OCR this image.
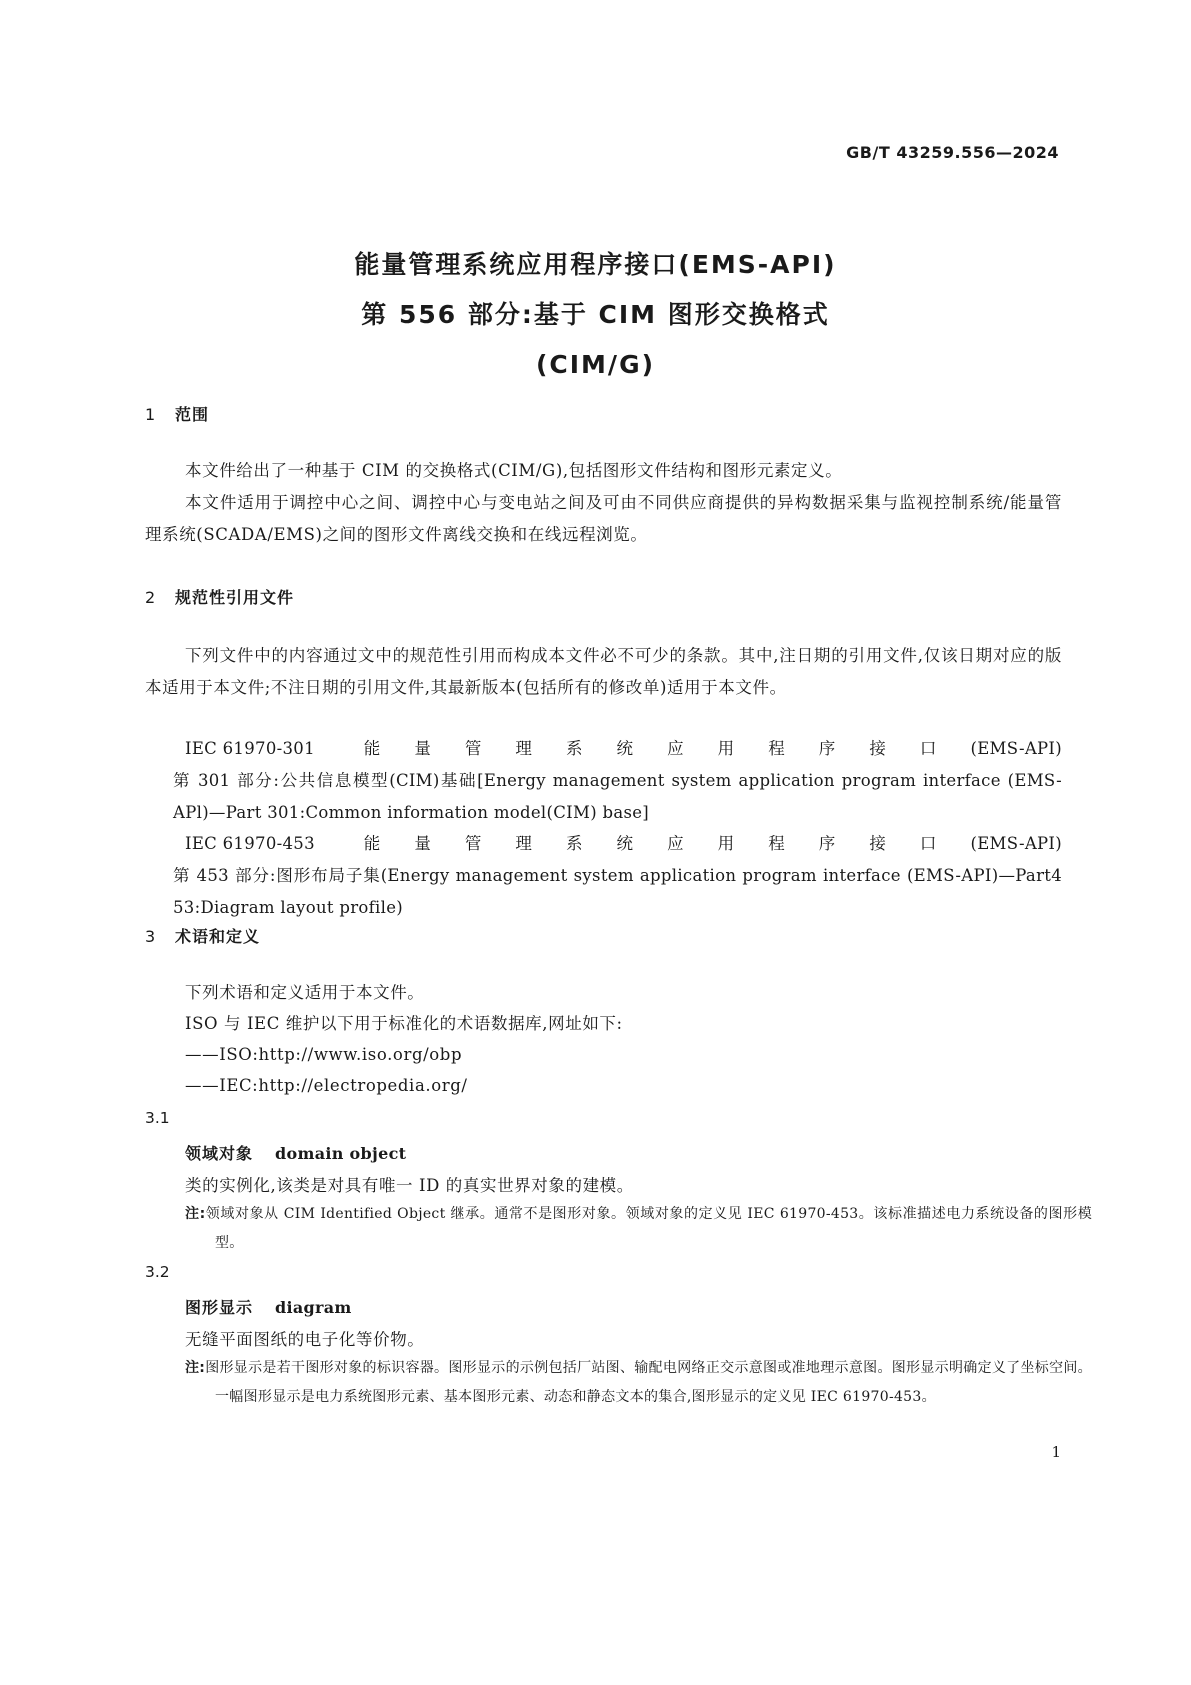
GB/T 43259.556—2024
能量管理系统应用程序接口(EMS-API)
第 556 部分:基于 CIM 图形交换格式
(CIM/G)
1 范围
本文件给出了一种基于 CIM 的交换格式(CIM/G),包括图形文件结构和图形元素定义。
本文件适用于调控中心之间、调控中心与变电站之间及可由不同供应商提供的异构数据采集与监视控制系统/能量管理系统(SCADA/EMS)之间的图形文件离线交换和在线远程浏览。
2 规范性引用文件
下列文件中的内容通过文中的规范性引用而构成本文件必不可少的条款。其中,注日期的引用文件,仅该日期对应的版本适用于本文件;不注日期的引用文件,其最新版本(包括所有的修改单)适用于本文件。
IEC 61970-301 能量管理系统应用程序接口(EMS-API)第 301 部分:公共信息模型(CIM)基础[Energy management system application program interface (EMS-APl)—Part 301:Common information model(CIM) base]
IEC 61970-453 能量管理系统应用程序接口(EMS-API)第 453 部分:图形布局子集(Energy management system application program interface (EMS-API)—Part4 53:Diagram layout profile)
3 术语和定义
下列术语和定义适用于本文件。
ISO 与 IEC 维护以下用于标准化的术语数据库,网址如下:
——ISO:http://www.iso.org/obp
——IEC:http://electropedia.org/
3.1
领域对象 domain object
类的实例化,该类是对具有唯一 ID 的真实世界对象的建模。
注:领域对象从 CIM Identified Object 继承。通常不是图形对象。领域对象的定义见 IEC 61970-453。该标准描述电力系统设备的图形模型。
3.2
图形显示 diagram
无缝平面图纸的电子化等价物。
注:图形显示是若干图形对象的标识容器。图形显示的示例包括厂站图、输配电网络正交示意图或准地理示意图。图形显示明确定义了坐标空间。一幅图形显示是电力系统图形元素、基本图形元素、动态和静态文本的集合,图形显示的定义见 IEC 61970-453。
1
